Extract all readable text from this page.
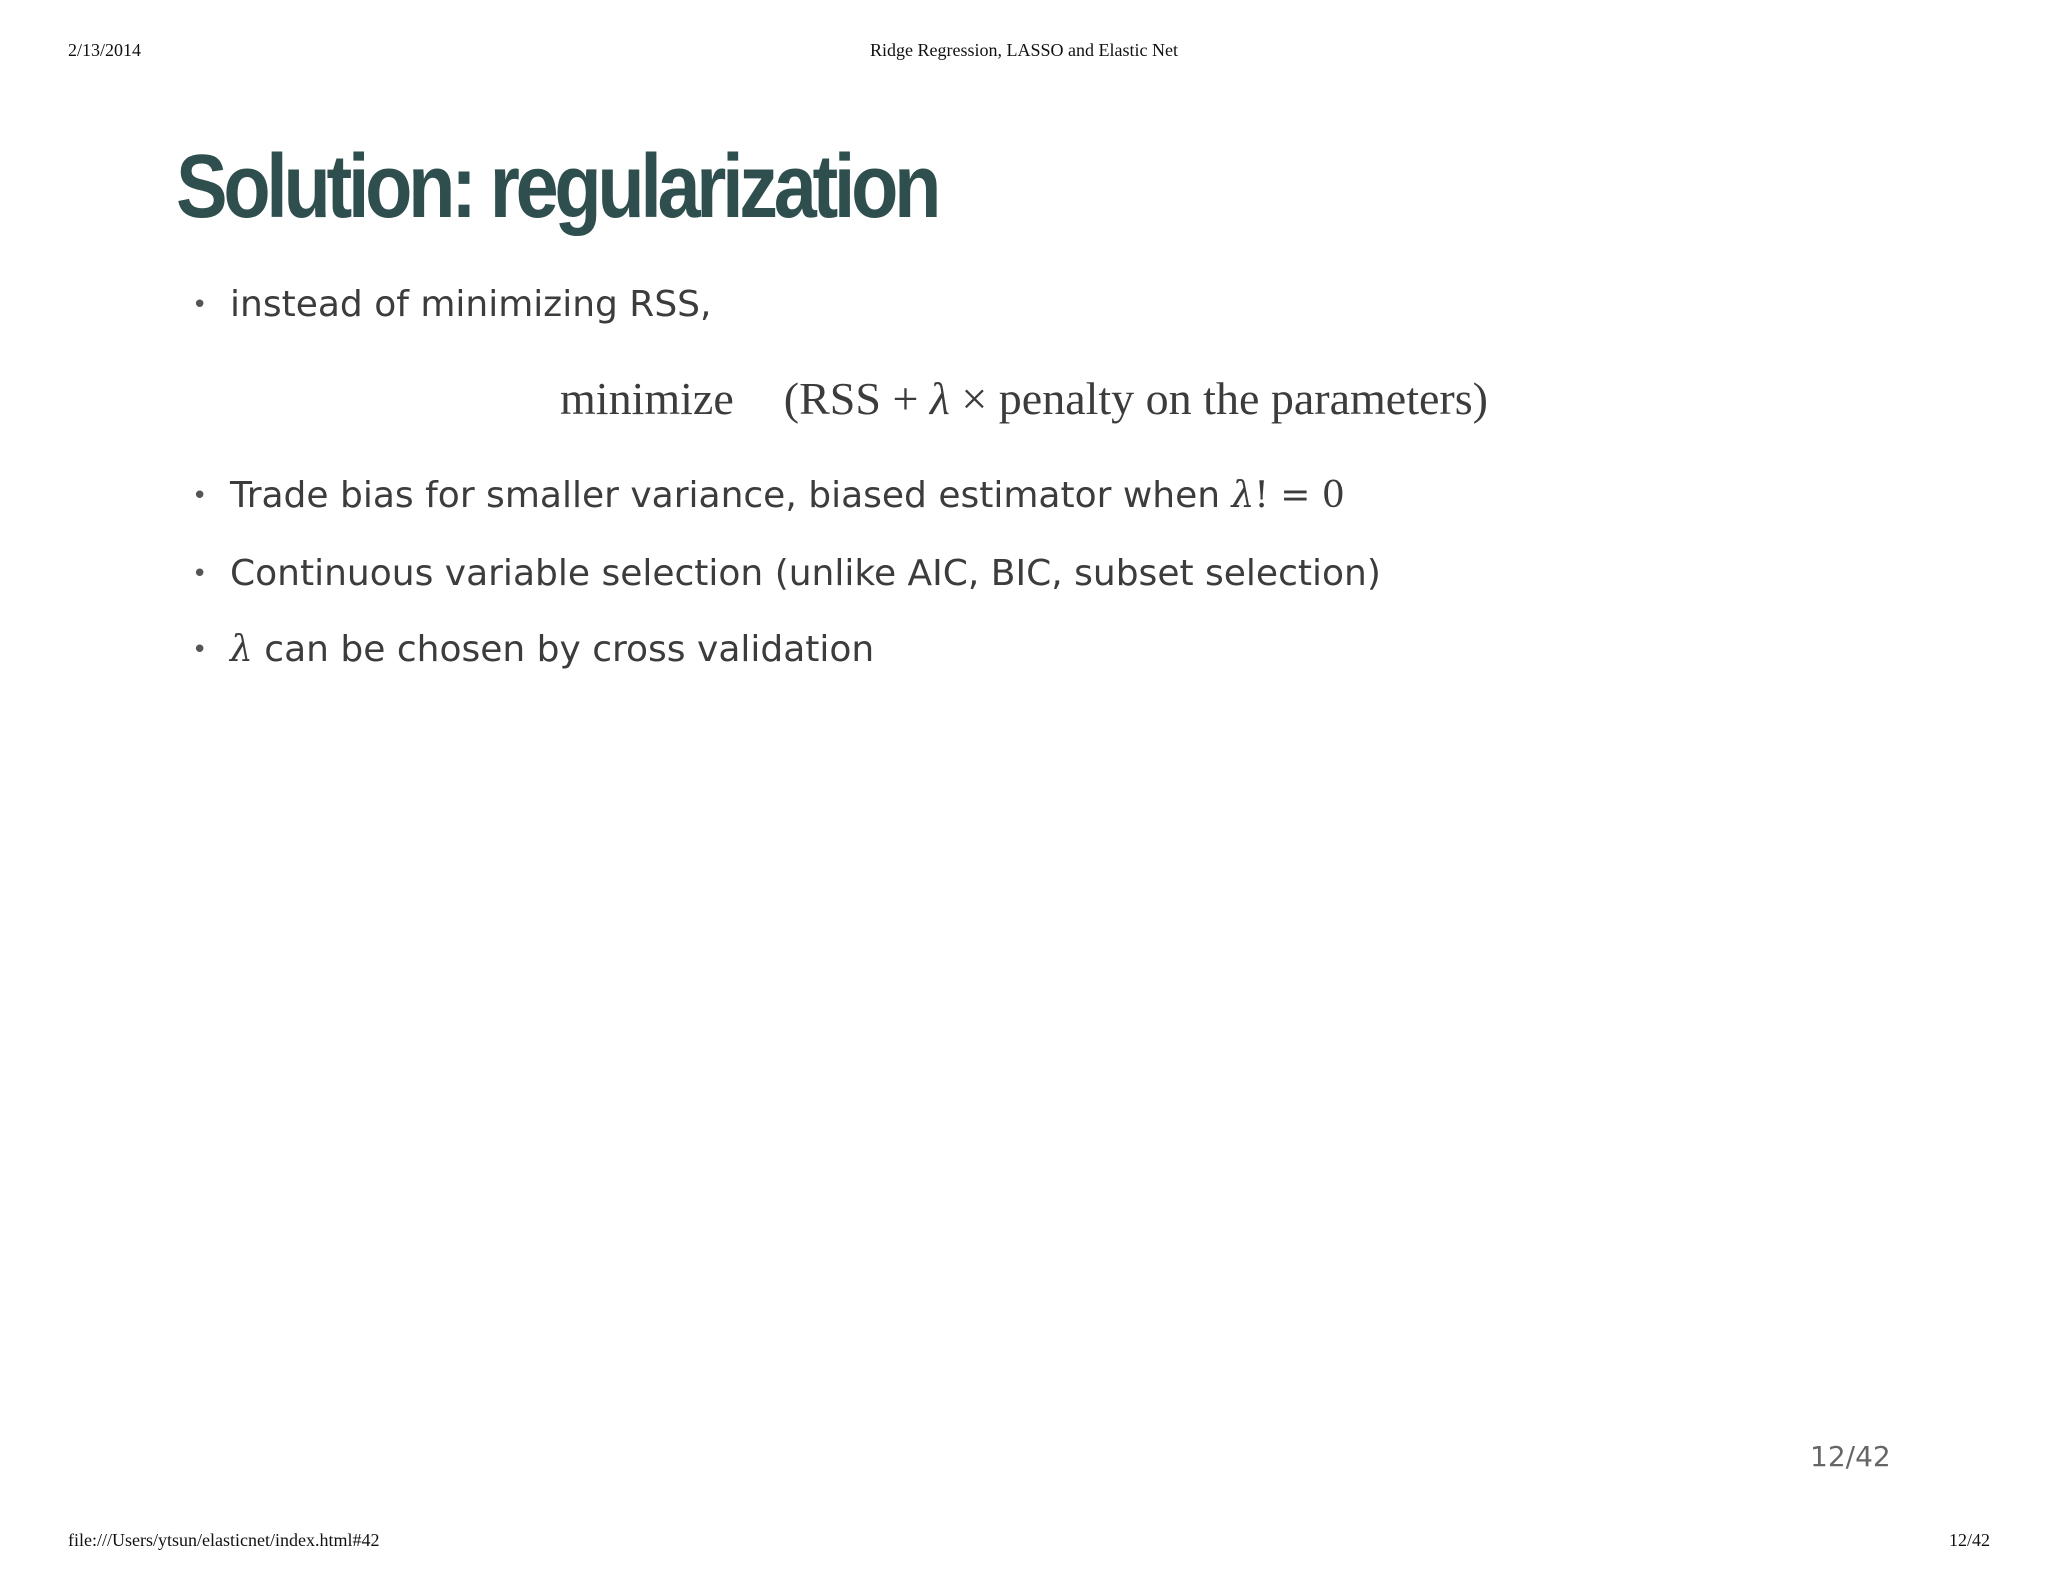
2/13/2014	Ridge Regression, LASSO and Elastic Net
Solution: regularization
• instead of minimizing RSS,
minimize (RSS + λ × penalty on the parameters)
• Trade bias for smaller variance, biased estimator when λ! = 0
• Continuous variable selection (unlike AIC, BIC, subset selection)
• λ can be chosen by cross validation
12/42
file:///Users/ytsun/elasticnet/index.html#42	12/42
